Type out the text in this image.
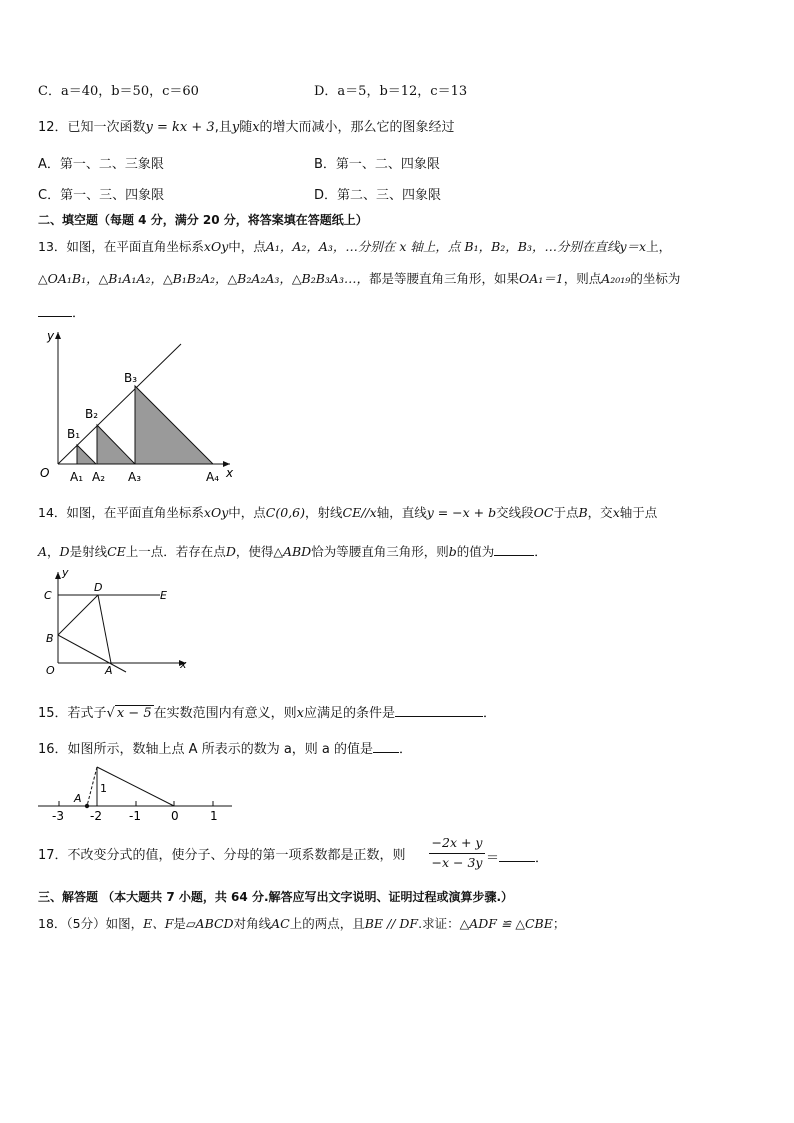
C．a＝40，b＝50，c＝60	D．a＝5，b＝12，c＝13
12．已知一次函数y = kx + 3,且y随x的增大而减小，那么它的图象经过
A．第一、二、三象限	B．第一、二、四象限
C．第一、三、四象限	D．第二、三、四象限
二、填空题（每题 4 分，满分 20 分，将答案填在答题纸上）
13．如图，在平面直角坐标系xOy中，点A₁，A₂，A₃，…分别在 x 轴上，点 B₁，B₂，B₃，…分别在直线y＝x上，
△OA₁B₁，△B₁A₁A₂，△B₁B₂A₂，△B₂A₂A₃，△B₂B₃A₃…，都是等腰直角三角形，如果OA₁＝1，则点A₂₀₁₉的坐标为
．
y
x
O A₁ A₂ A₃	A₄
B₁
B₂
B₃
14．如图，在平面直角坐标系xOy中，点C(0,6)，射线CE//x轴，直线y = −x + b交线段OC于点B，交x轴于点
A，D是射线CE上一点．若存在点D，使得△ABD恰为等腰直角三角形，则b的值为	．
y
C
D
E
B
O	A	x
15．若式子√ x − 5 在实数范围内有意义，则x应满足的条件是	．
16．如图所示，数轴上点 A 所表示的数为 a，则 a 的值是 ．
A
1
-3 -2 -1	0	1
17．不改变分式的值，使分子、分母的第一项系数都是正数，则
−2x + y
−x − 3y ＝	．
三、解答题 （本大题共 7 小题，共 64 分.解答应写出文字说明、证明过程或演算步骤.）
18．（5分）如图，E、F是▱ABCD对角线AC上的两点，且BE // DF.求证：△ADF ≌ △CBE；
